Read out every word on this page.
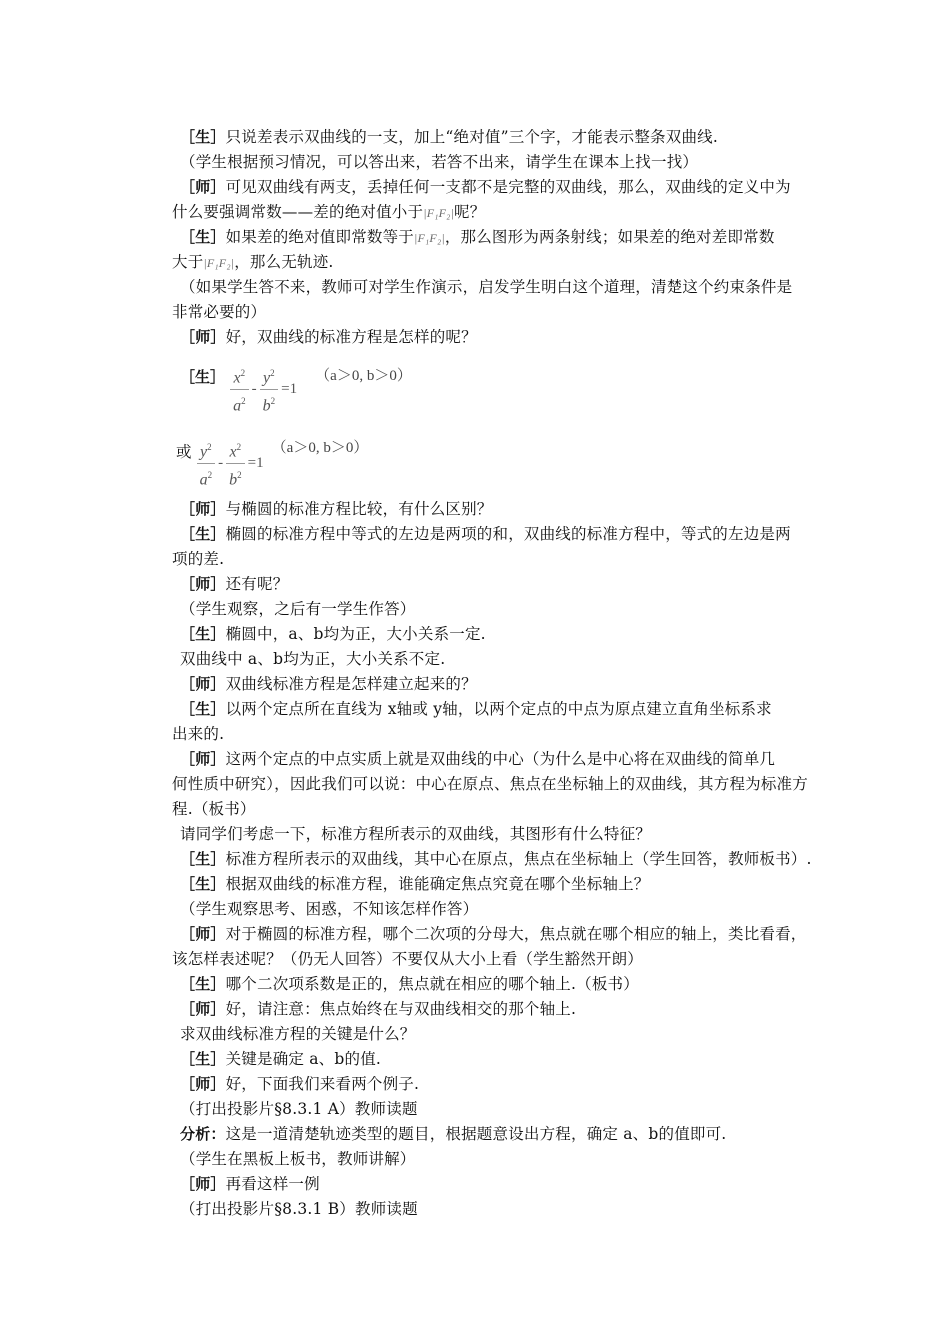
［生］只说差表示双曲线的一支，加上“绝对值”三个字，才能表示整条双曲线.
（学生根据预习情况，可以答出来，若答不出来，请学生在课本上找一找）
［师］可见双曲线有两支，丢掉任何一支都不是完整的双曲线，那么，双曲线的定义中为
什么要强调常数——差的绝对值小于|F₁F₂|呢？
［生］如果差的绝对值即常数等于|F₁F₂|，那么图形为两条射线；如果差的绝对差即常数
大于|F₁F₂|，那么无轨迹.
（如果学生答不来，教师可对学生作演示，启发学生明白这个道理，清楚这个约束条件是
非常必要的）
［师］好，双曲线的标准方程是怎样的呢？
［生］ $\frac{x^2}{a^2} - \frac{y^2}{b^2} =1$ （a＞0, b＞0）
或 $\frac{y^2}{a^2} - \frac{x^2}{b^2} =1$ （a＞0, b＞0）
［师］与椭圆的标准方程比较，有什么区别？
［生］椭圆的标准方程中等式的左边是两项的和，双曲线的标准方程中，等式的左边是两
项的差.
［师］还有呢？
（学生观察，之后有一学生作答）
［生］椭圆中，a、b均为正，大小关系一定.
双曲线中 a、b均为正，大小关系不定.
［师］双曲线标准方程是怎样建立起来的？
［生］以两个定点所在直线为 x轴或 y轴，以两个定点的中点为原点建立直角坐标系求
出来的.
［师］这两个定点的中点实质上就是双曲线的中心（为什么是中心将在双曲线的简单几
何性质中研究），因此我们可以说：中心在原点、焦点在坐标轴上的双曲线，其方程为标准方
程.（板书）
请同学们考虑一下，标准方程所表示的双曲线，其图形有什么特征？
［生］标准方程所表示的双曲线，其中心在原点，焦点在坐标轴上（学生回答，教师板书）.
［生］根据双曲线的标准方程，谁能确定焦点究竟在哪个坐标轴上？
（学生观察思考、困惑，不知该怎样作答）
［师］对于椭圆的标准方程，哪个二次项的分母大，焦点就在哪个相应的轴上，类比看看，
该怎样表述呢？（仍无人回答）不要仅从大小上看（学生豁然开朗）
［生］哪个二次项系数是正的，焦点就在相应的哪个轴上.（板书）
［师］好，请注意：焦点始终在与双曲线相交的那个轴上.
求双曲线标准方程的关键是什么？
［生］关键是确定 a、b的值.
［师］好，下面我们来看两个例子.
（打出投影片§8.3.1 A）教师读题
分析：这是一道清楚轨迹类型的题目，根据题意设出方程，确定 a、b的值即可.
（学生在黑板上板书，教师讲解）
［师］再看这样一例
（打出投影片§8.3.1 B）教师读题
